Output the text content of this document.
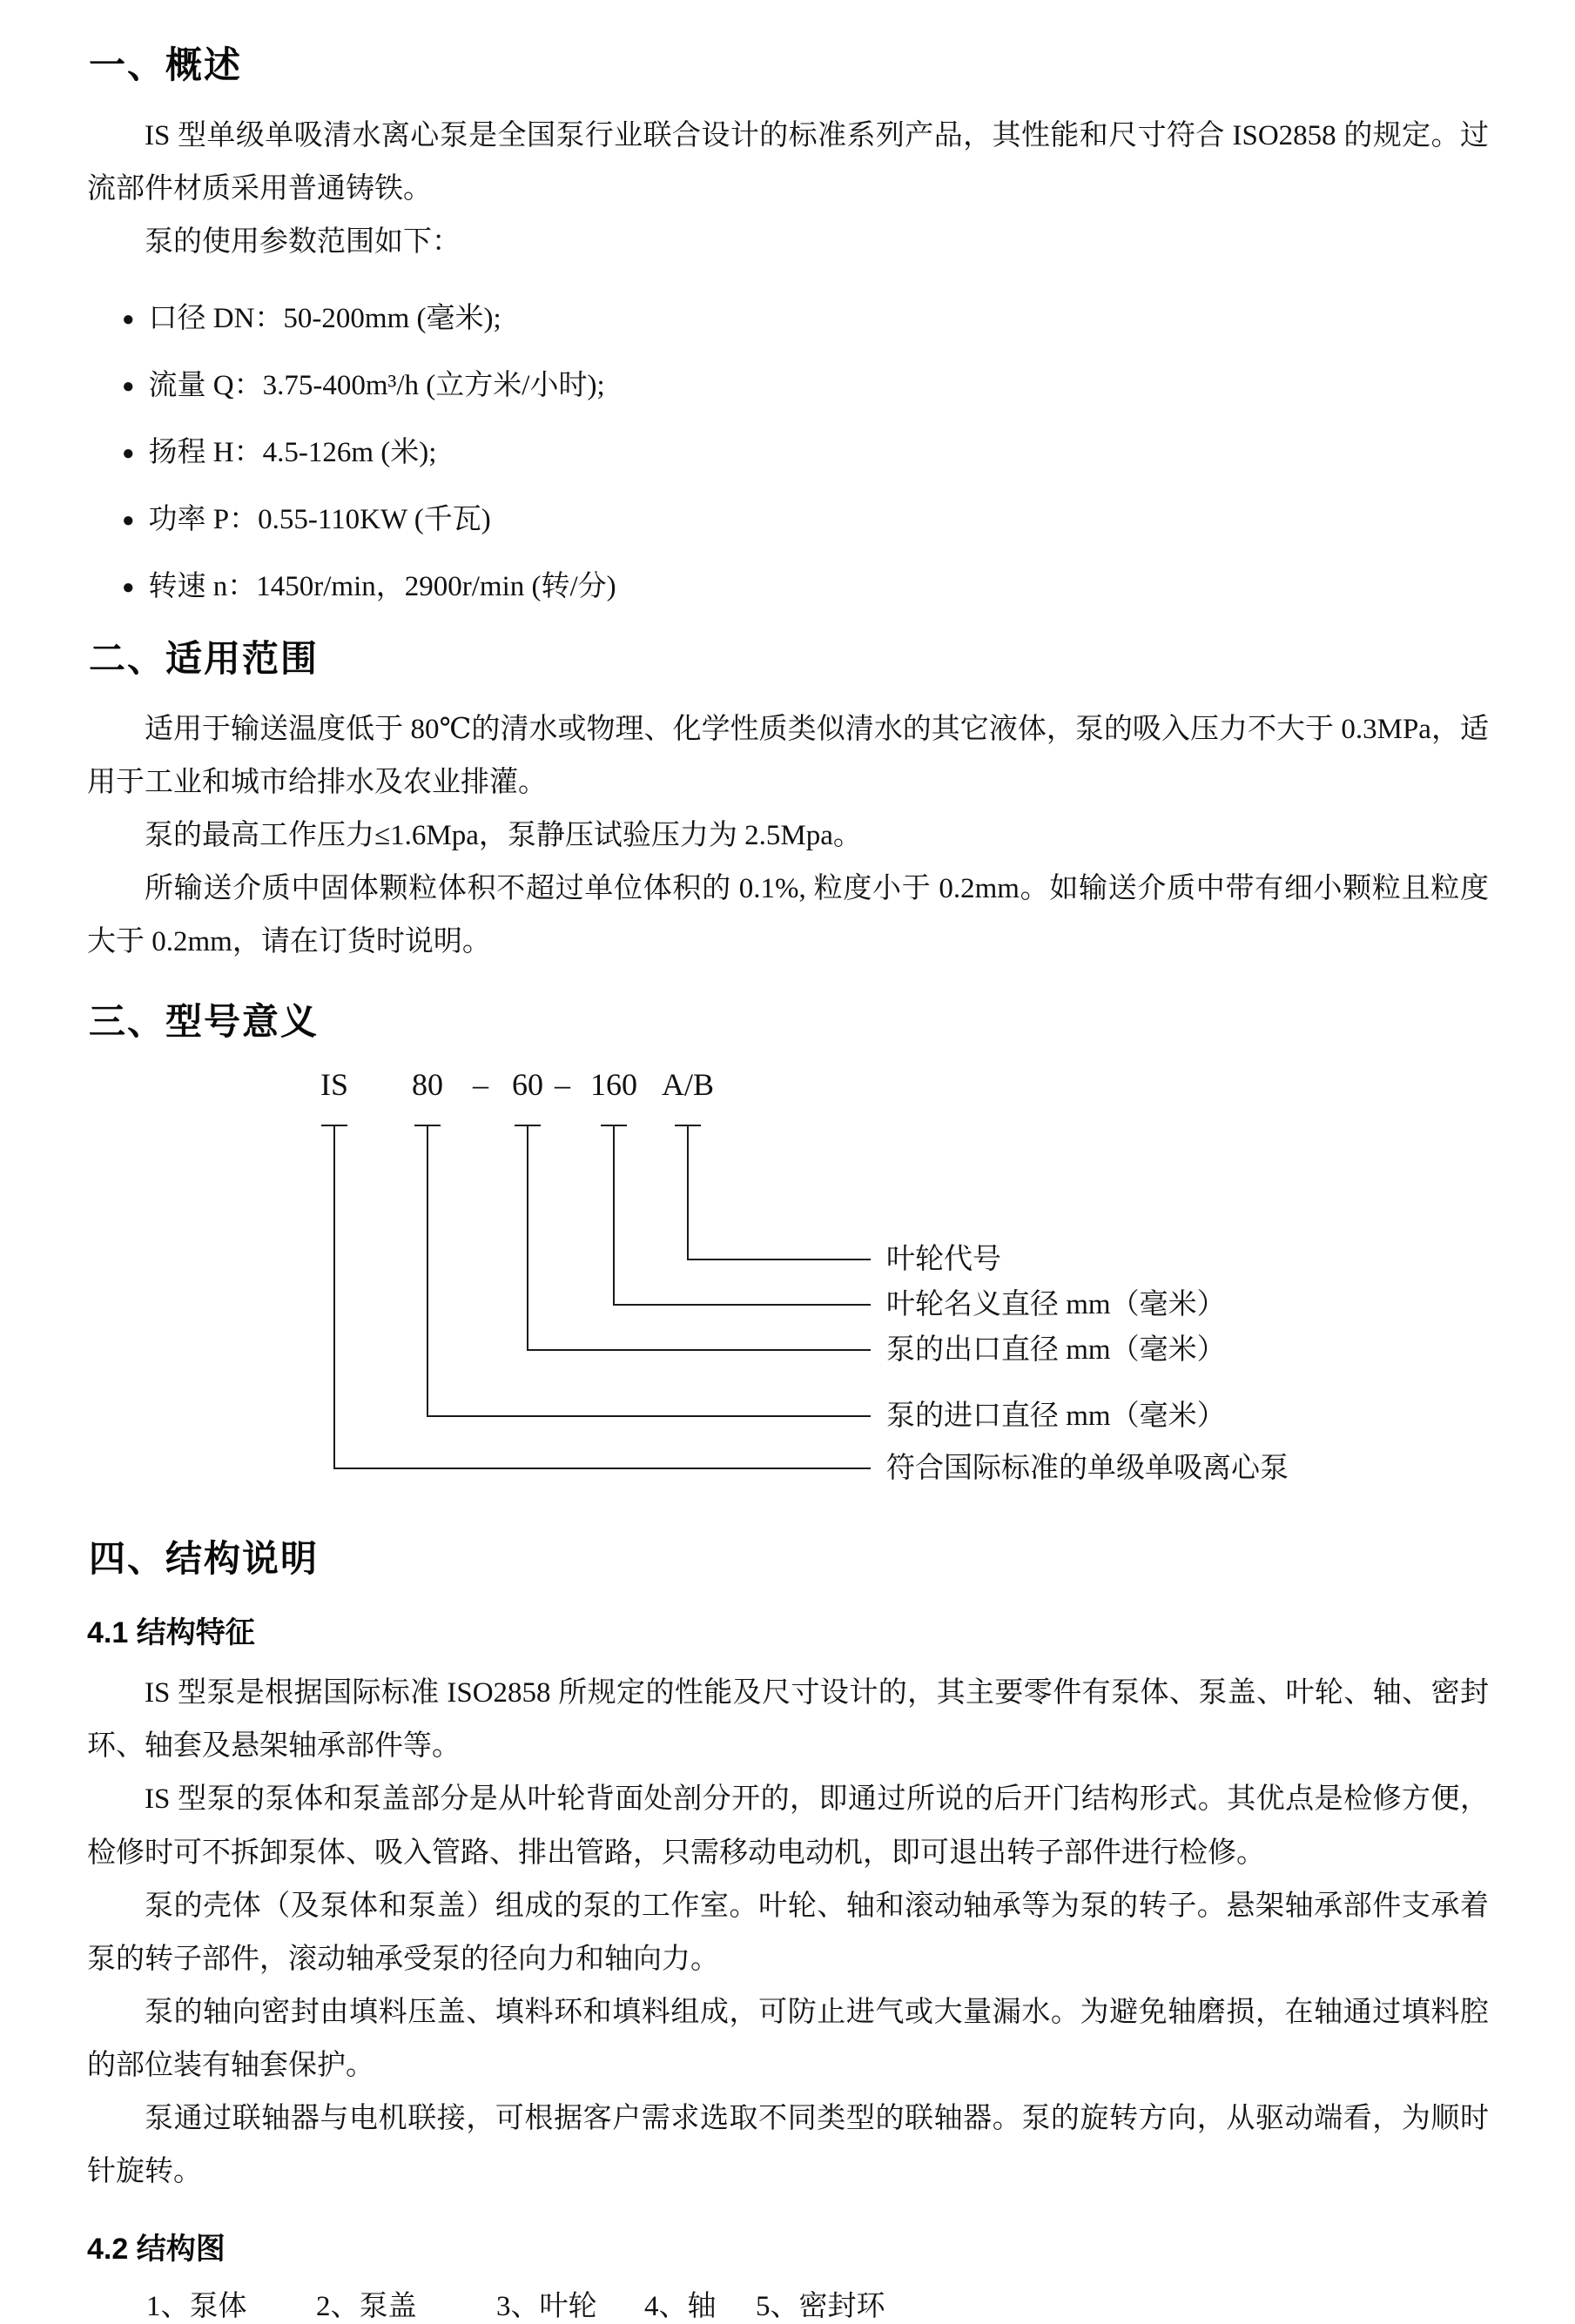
一、概述

IS 型单级单吸清水离心泵是全国泵行业联合设计的标准系列产品，其性能和尺寸符合 ISO2858 的规定。过流部件材质采用普通铸铁。

泵的使用参数范围如下：

● 口径 DN：50-200mm (毫米);
● 流量 Q：3.75-400m³/h (立方米/小时);
● 扬程 H：4.5-126m (米);
● 功率 P：0.55-110KW (千瓦)
● 转速 n：1450r/min，2900r/min (转/分)
二、适用范围

适用于输送温度低于 80℃的清水或物理、化学性质类似清水的其它液体，泵的吸入压力不大于 0.3MPa，适用于工业和城市给排水及农业排灌。

泵的最高工作压力≤1.6Mpa，泵静压试验压力为 2.5Mpa。

所输送介质中固体颗粒体积不超过单位体积的 0.1%, 粒度小于 0.2mm。如输送介质中带有细小颗粒且粒度大于 0.2mm，请在订货时说明。

三、型号意义
IS 80 – 60 – 160 A/B
叶轮代号
叶轮名义直径 mm（毫米）
泵的出口直径 mm（毫米）
泵的进口直径 mm（毫米）
符合国际标准的单级单吸离心泵
四、结构说明
4.1 结构特征

IS 型泵是根据国际标准 ISO2858 所规定的性能及尺寸设计的，其主要零件有泵体、泵盖、叶轮、轴、密封环、轴套及悬架轴承部件等。

IS 型泵的泵体和泵盖部分是从叶轮背面处剖分开的，即通过所说的后开门结构形式。其优点是检修方便，检修时可不拆卸泵体、吸入管路、排出管路，只需移动电动机，即可退出转子部件进行检修。

泵的壳体（及泵体和泵盖）组成的泵的工作室。叶轮、轴和滚动轴承等为泵的转子。悬架轴承部件支承着泵的转子部件，滚动轴承受泵的径向力和轴向力。

泵的轴向密封由填料压盖、填料环和填料组成，可防止进气或大量漏水。为避免轴磨损，在轴通过填料腔的部位装有轴套保护。

泵通过联轴器与电机联接，可根据客户需求选取不同类型的联轴器。泵的旋转方向，从驱动端看，为顺时针旋转。

4.2 结构图
1、泵体 2、泵盖	3、叶轮 4、轴 5、密封环
